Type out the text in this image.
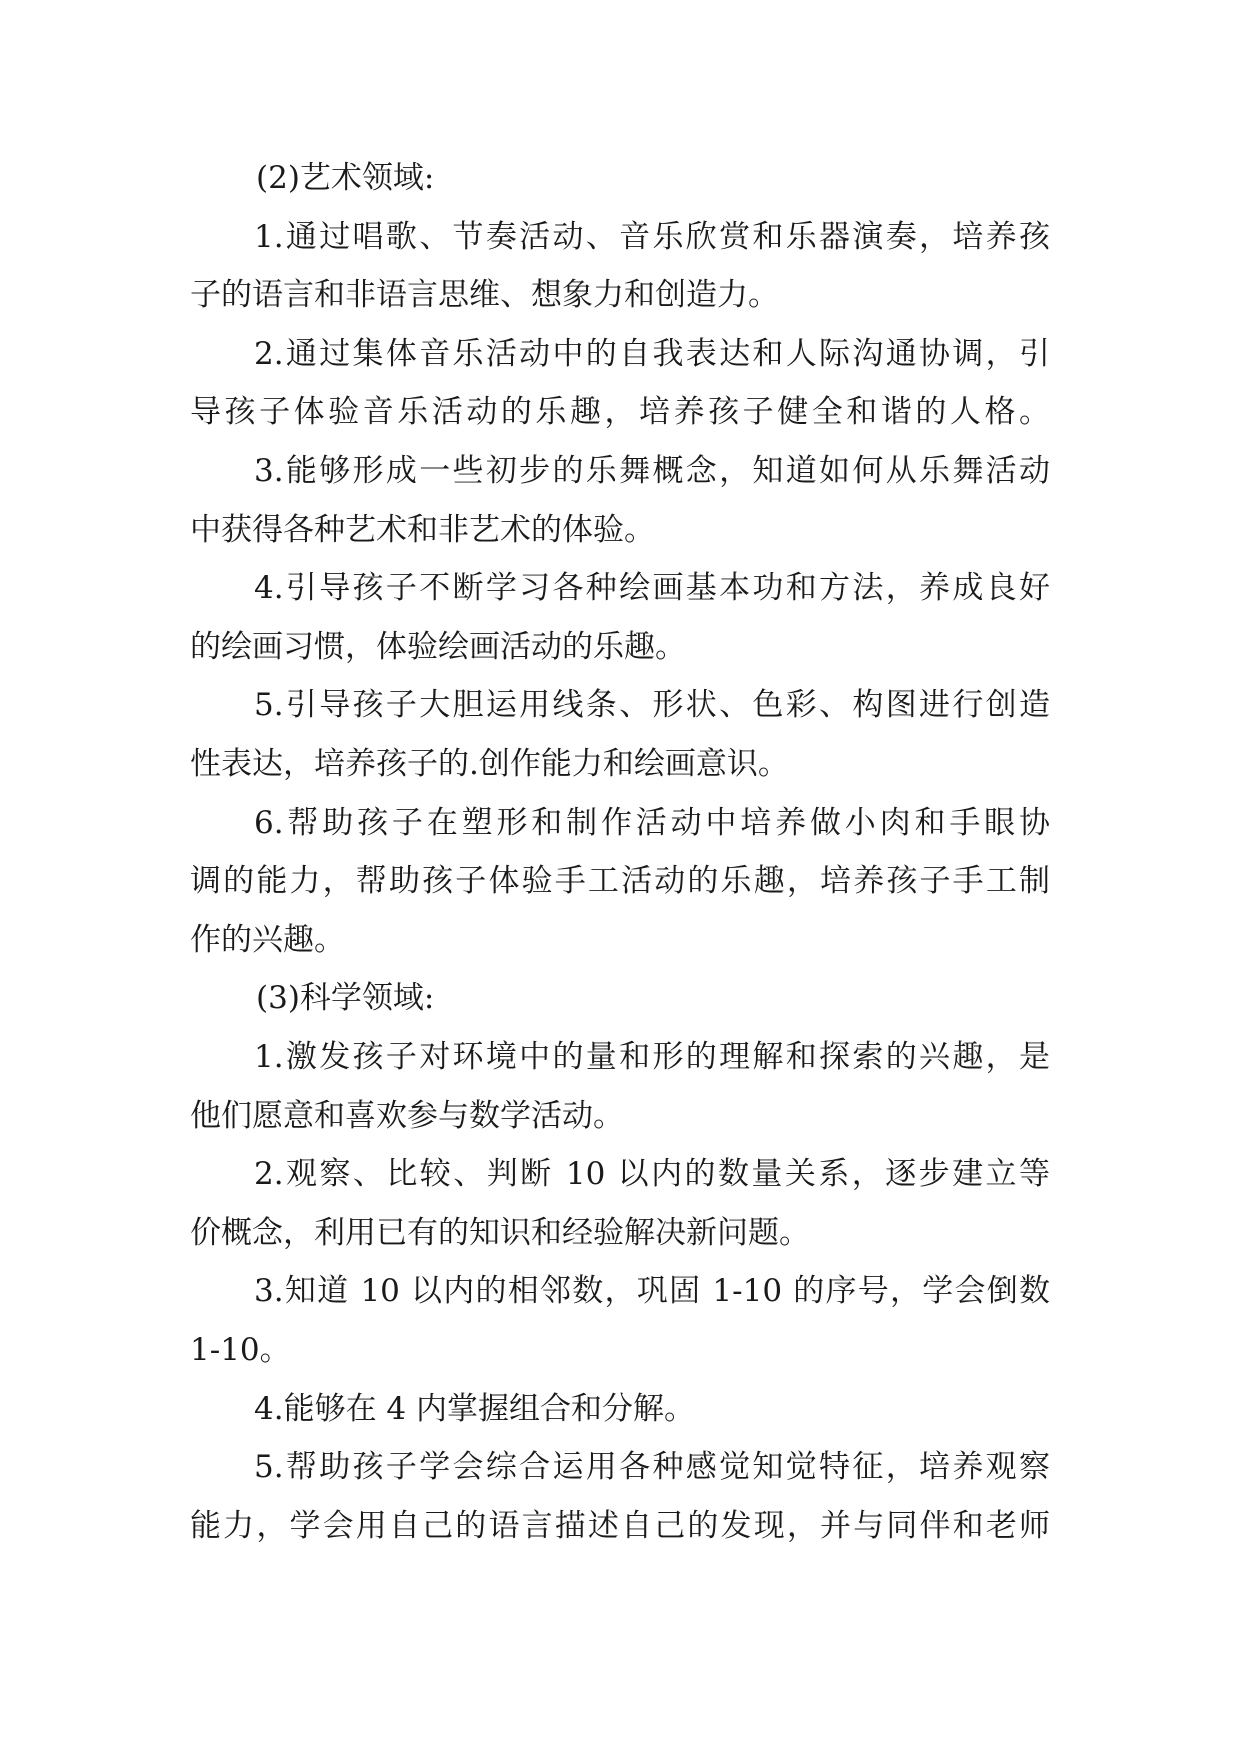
(2)艺术领域:
1.通过唱歌、节奏活动、音乐欣赏和乐器演奏，培养孩
子的语言和非语言思维、想象力和创造力。
2.通过集体音乐活动中的自我表达和人际沟通协调，引
导孩子体验音乐活动的乐趣，培养孩子健全和谐的人格。
3.能够形成一些初步的乐舞概念，知道如何从乐舞活动
中获得各种艺术和非艺术的体验。
4.引导孩子不断学习各种绘画基本功和方法，养成良好
的绘画习惯，体验绘画活动的乐趣。
5.引导孩子大胆运用线条、形状、色彩、构图进行创造
性表达，培养孩子的.创作能力和绘画意识。
6.帮助孩子在塑形和制作活动中培养做小肉和手眼协
调的能力，帮助孩子体验手工活动的乐趣，培养孩子手工制
作的兴趣。
(3)科学领域:
1.激发孩子对环境中的量和形的理解和探索的兴趣，是
他们愿意和喜欢参与数学活动。
2.观察、比较、判断 10 以内的数量关系，逐步建立等
价概念，利用已有的知识和经验解决新问题。
3.知道 10 以内的相邻数，巩固 1-10 的序号，学会倒数
1-10。
4.能够在 4 内掌握组合和分解。
5.帮助孩子学会综合运用各种感觉知觉特征，培养观察
能力，学会用自己的语言描述自己的发现，并与同伴和老师
